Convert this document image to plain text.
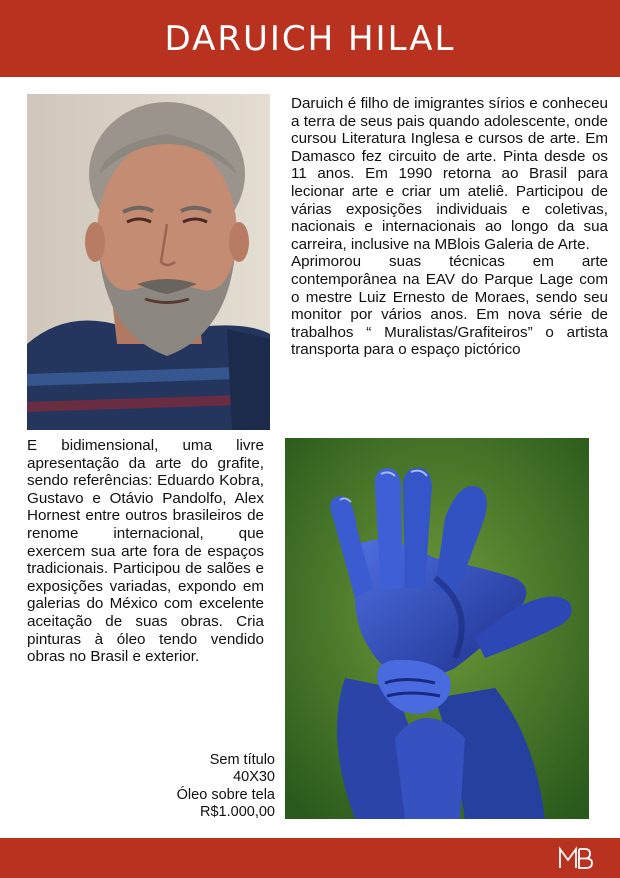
DARUICH HILAL

Daruich é filho de imigrantes sírios e conheceu a terra de seus pais quando adolescente, onde cursou Literatura Inglesa e cursos de arte. Em Damasco fez circuito de arte. Pinta desde os 11 anos. Em 1990 retorna ao Brasil para lecionar arte e criar um ateliê. Participou de várias exposições individuais e coletivas, nacionais e internacionais ao longo da sua carreira, inclusive na MBlois Galeria de Arte.

Aprimorou suas técnicas em arte contemporânea na EAV do Parque Lage com o mestre Luiz Ernesto de Moraes, sendo seu monitor por vários anos. Em nova série de trabalhos “ Muralistas/Grafiteiros” o artista transporta para o espaço pictórico

E bidimensional, uma livre apresentação da arte do grafite, sendo referências: Eduardo Kobra, Gustavo e Otávio Pandolfo, Alex Hornest entre outros brasileiros de renome internacional, que exercem sua arte fora de espaços tradicionais. Participou de salões e exposições variadas, expondo em galerias do México com excelente aceitação de suas obras. Cria pinturas à óleo tendo vendido obras no Brasil e exterior.

Sem título
40X30
Óleo sobre tela
R$1.000,00
